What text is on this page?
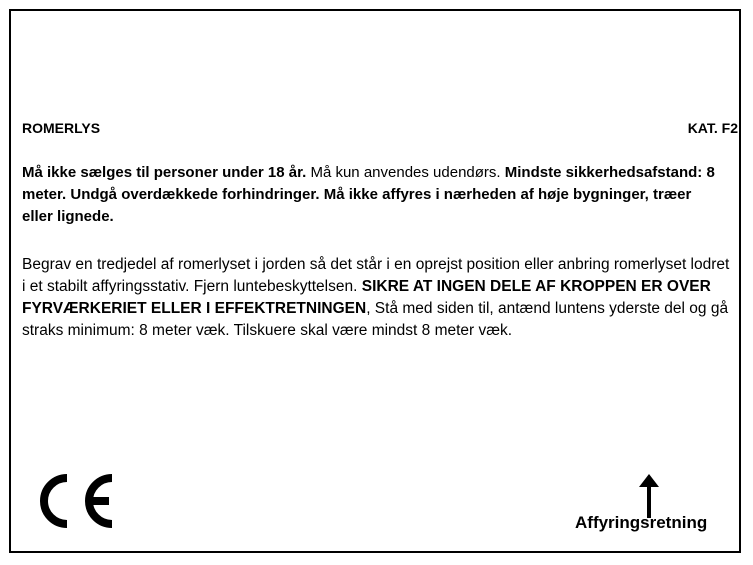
ROMERLYS	KAT. F2

Må ikke sælges til personer under 18 år. Må kun anvendes udendørs. Mindste sikkerhedsafstand: 8 meter. Undgå overdækkede forhindringer. Må ikke affyres i nærheden af høje bygninger, træer eller lignede.

Begrav en tredjedel af romerlyset i jorden så det står i en oprejst position eller anbring romerlyset lodret i et stabilt affyringsstativ. Fjern luntebeskyttelsen. SIKRE AT INGEN DELE AF KROPPEN ER OVER FYRVÆRKERIET ELLER I EFFEKTRETNINGEN, Stå med siden til, antænd luntens yderste del og gå straks minimum: 8 meter væk. Tilskuere skal være mindst 8 meter væk.

Affyringsretning
